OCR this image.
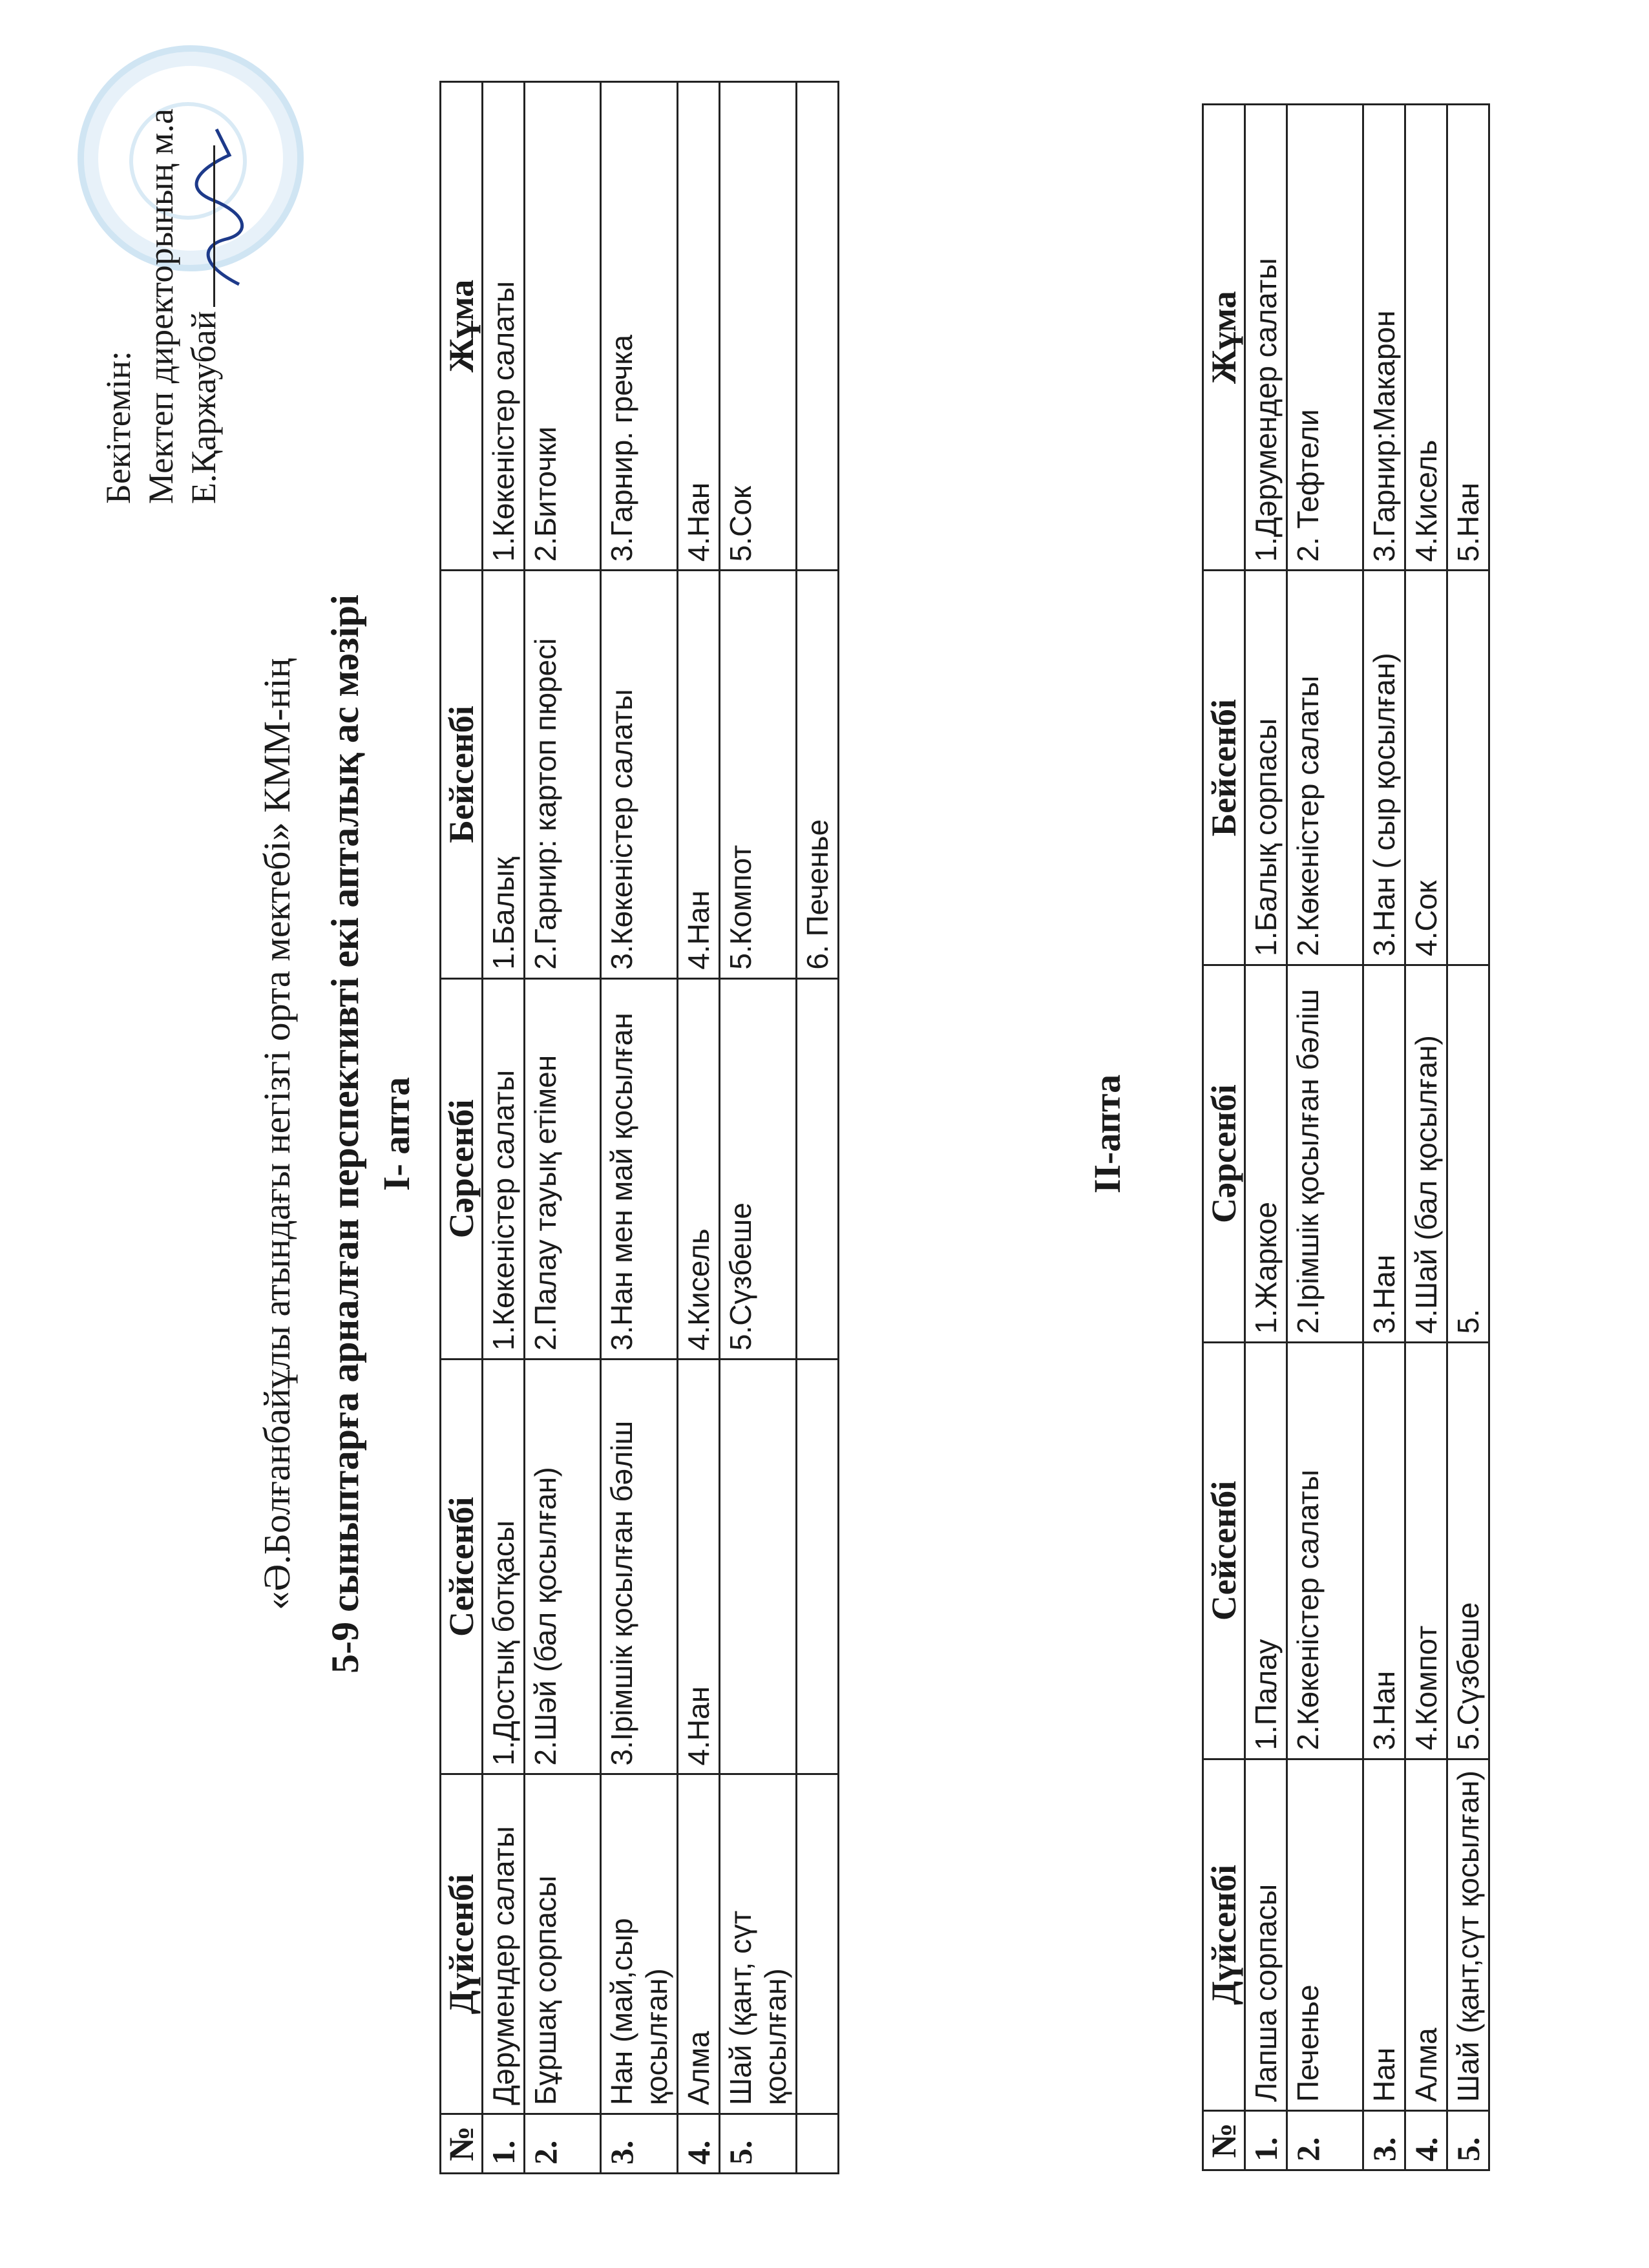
Бекітемін: Мектеп директорының м.а Е.Қаржаубай
«Ә.Болғанбайұлы атындағы негізгі орта мектебі» КММ-нің 5-9 сыныптарға арналған перспективті екі апталық ас мәзірі I- апта
№	Дүйсенбі	Сейсенбі	Сәрсенбі	Бейсенбі	Жұма
1.	Дәрумендер салаты	1.Достық ботқасы	1.Көкеністер салаты	1.Балық	1.Көкеністер салаты
2.	Бұршақ сорпасы	2.Шәй (бал қосылған)	2.Палау тауық етімен	2.Гарнир: картоп пюресі	2.Биточки
3.	Нан (май,сыр қосылған)	3.Ірімшік қосылған бәліш	3.Нан мен май қосылған	3.Көкеністер салаты	3.Гарнир. гречка
4.	Алма	4.Нан	4.Кисель	4.Нан	4.Нан
5.	Шай (қант, сүт қосылған)		5.Сүзбеше	5.Компот	5.Сок
				6. Печенье	
II-апта
№	Дүйсенбі	Сейсенбі	Сәрсенбі	Бейсенбі	Жұма
1.	Лапша сорпасы	1.Палау	1.Жаркое	1.Балық сорпасы	1.Дәрумендер салаты
2.	Печенье	2.Көкеністер салаты	2.Ірімшік қосылған бәліш	2.Көкеністер салаты	2. Тефтели
3.	Нан	3.Нан	3.Нан	3.Нан ( сыр қосылған)	3.Гарнир:Макарон
4.	Алма	4.Компот	4.Шай (бал қосылған)	4.Сок	4.Кисель
5.	Шай (қант,сүт қосылған)	5.Сүзбеше	5.		5.Нан
